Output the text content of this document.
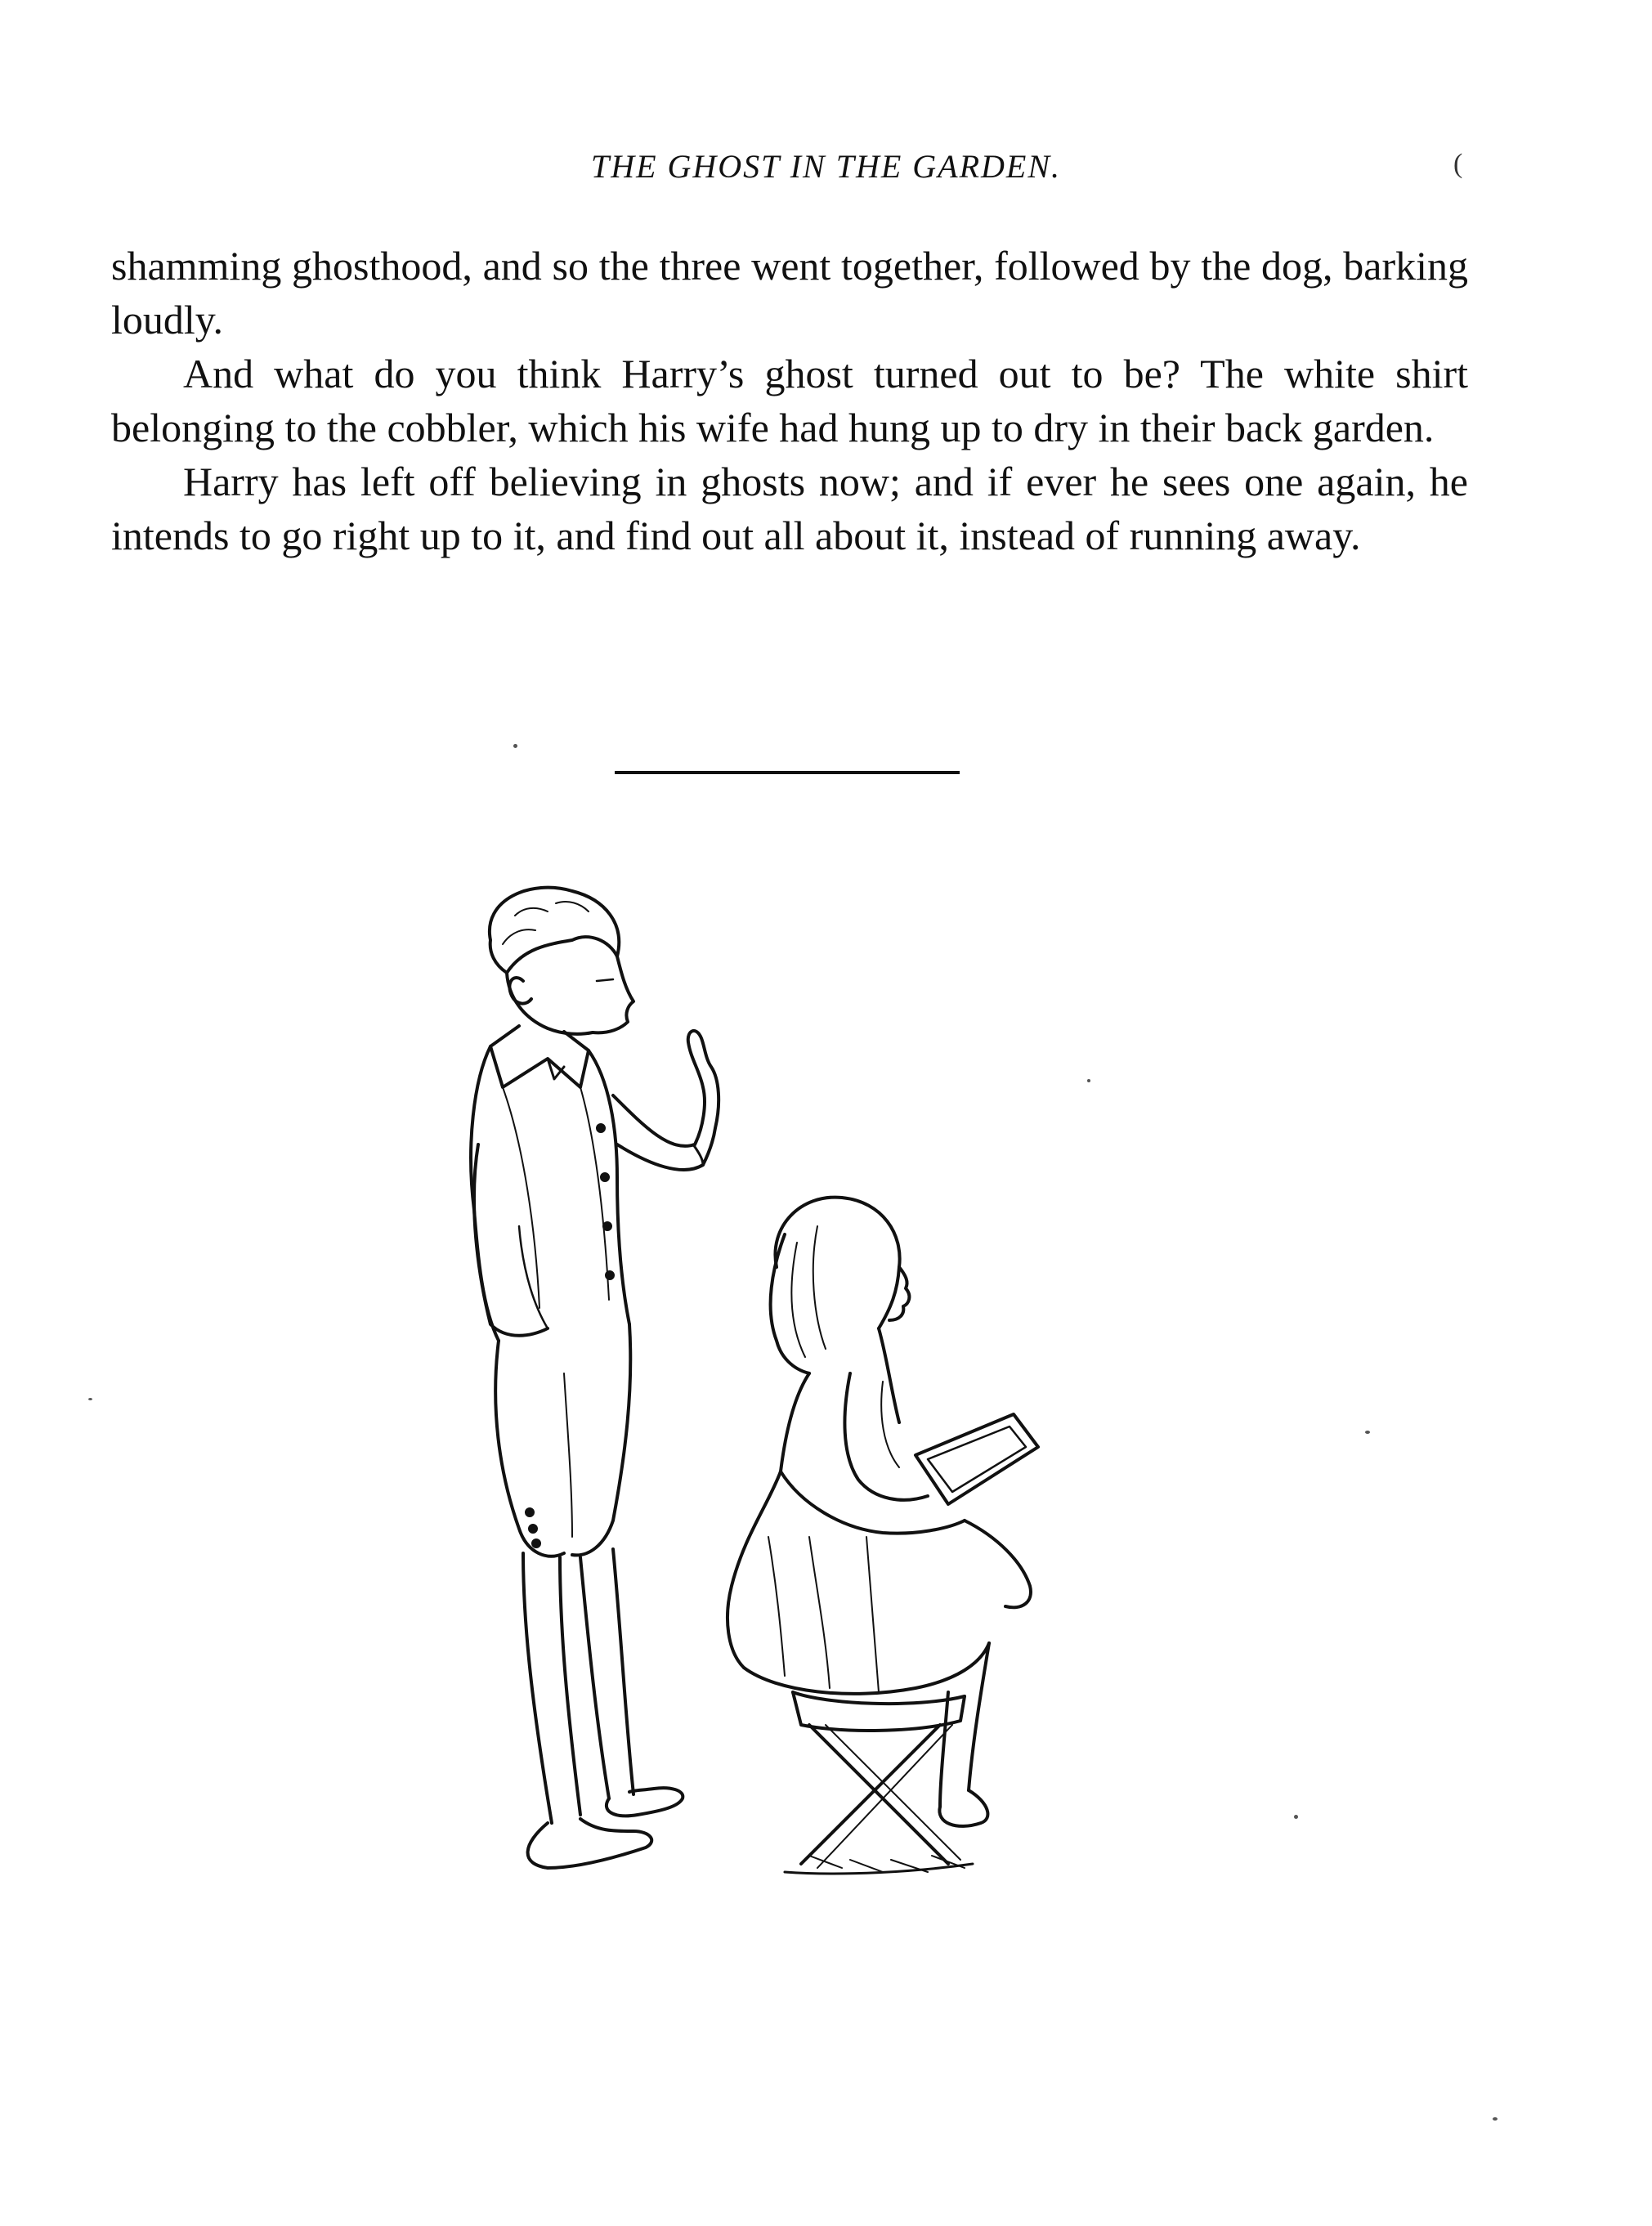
THE GHOST IN THE GARDEN.	(

shamming ghosthood, and so the three went together, followed by the dog, barking loudly.

And what do you think Harry’s ghost turned out to be? The white shirt belonging to the cobbler, which his wife had hung up to dry in their back garden.

Harry has left off believing in ghosts now; and if ever he sees one again, he intends to go right up to it, and find out all about it, instead of running away.
